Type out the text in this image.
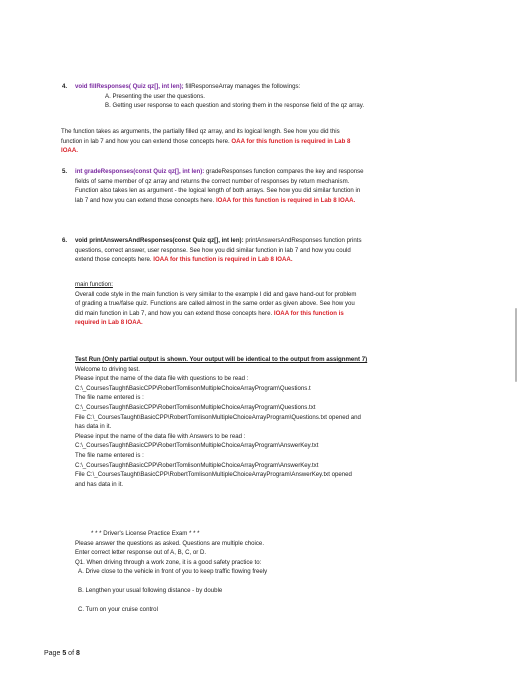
4.	void fillResponses( Quiz qz[], int len); fillResponseArray manages the followings:
A. Presenting the user the questions.
B. Getting user response to each question and storing them in the response field of the qz array.
The function takes as arguments, the partially filled qz array, and its logical length. See how you did this
function in lab 7 and how you can extend those concepts here. OAA for this function is required in Lab 8
IOAA.
5.	int gradeResponses(const Quiz qz[], int len): gradeResponses function compares the key and response
fields of same member of qz array and returns the correct number of responses by return mechanism.
Function also takes len as argument - the logical length of both arrays. See how you did similar function in
lab 7 and how you can extend those concepts here. IOAA for this function is required in Lab 8 IOAA.
6.	void printAnswersAndResponses(const Quiz qz[], int len): printAnswersAndResponses function prints
questions, correct answer, user response. See how you did similar function in lab 7 and how you could
extend those concepts here. IOAA for this function is required in Lab 8 IOAA.
main function:
Overall code style in the main function is very similar to the example I did and gave hand-out for problem
of grading a true/false quiz. Functions are called almost in the same order as given above. See how you
did main function in Lab 7, and how you can extend those concepts here. IOAA for this function is
required in Lab 8 IOAA.
Test Run (Only partial output is shown. Your output will be identical to the output from assignment 7)
Welcome to driving test.
Please input the name of the data file with questions to be read :
C:\_CoursesTaught\BasicCPP\RobertTomlisonMultipleChoiceArrayProgram\Questions.t
The file name entered is :
C:\_CoursesTaught\BasicCPP\RobertTomlisonMultipleChoiceArrayProgram\Questions.txt
File C:\_CoursesTaught\BasicCPP\RobertTomlisonMultipleChoiceArrayProgram\Questions.txt opened and
has data in it.
Please input the name of the data file with Answers to be read :
C:\_CoursesTaught\BasicCPP\RobertTomlisonMultipleChoiceArrayProgram\AnswerKey.txt
The file name entered is :
C:\_CoursesTaught\BasicCPP\RobertTomlisonMultipleChoiceArrayProgram\AnswerKey.txt
File C:\_CoursesTaught\BasicCPP\RobertTomlisonMultipleChoiceArrayProgram\AnswerKey.txt opened
and has data in it.
* * * Driver's License Practice Exam * * *
Please answer the questions as asked. Questions are multiple choice.
Enter correct letter response out of A, B, C, or D.
Q1. When driving through a work zone, it is a good safety practice to:
A. Drive close to the vehicle in front of you to keep traffic flowing freely
B. Lengthen your usual following distance - by double
C. Turn on your cruise control
Page 5 of 8
